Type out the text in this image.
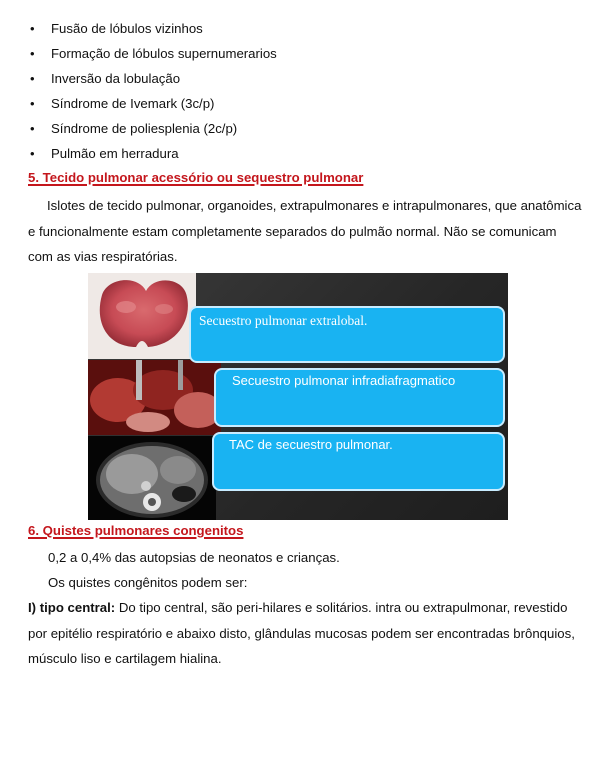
• Fusão de lóbulos vizinhos
• Formação de lóbulos supernumerarios
• Inversão da lobulação
• Síndrome de Ivemark (3c/p)
• Síndrome de poliesplenia (2c/p)
• Pulmão em herradura
5. Tecido pulmonar acessório ou sequestro pulmonar

Islotes de tecido pulmonar, organoides, extrapulmonares e intrapulmonares, que anatômica e funcionalmente estam completamente separados do pulmão normal. Não se comunicam com as vias respiratórias.

Secuestro pulmonar extralobal.
Secuestro pulmonar infradiafragmatico
TAC de secuestro pulmonar.
6. Quistes pulmonares congenitos

0,2 a 0,4% das autopsias de neonatos e crianças.

Os quistes congênitos podem ser:

I) tipo central: Do tipo central, são peri-hilares e solitários. intra ou extrapulmonar, revestido

por epitélio respiratório e abaixo disto, glândulas mucosas podem ser encontradas brônquios,

músculo liso e cartilagem hialina.
